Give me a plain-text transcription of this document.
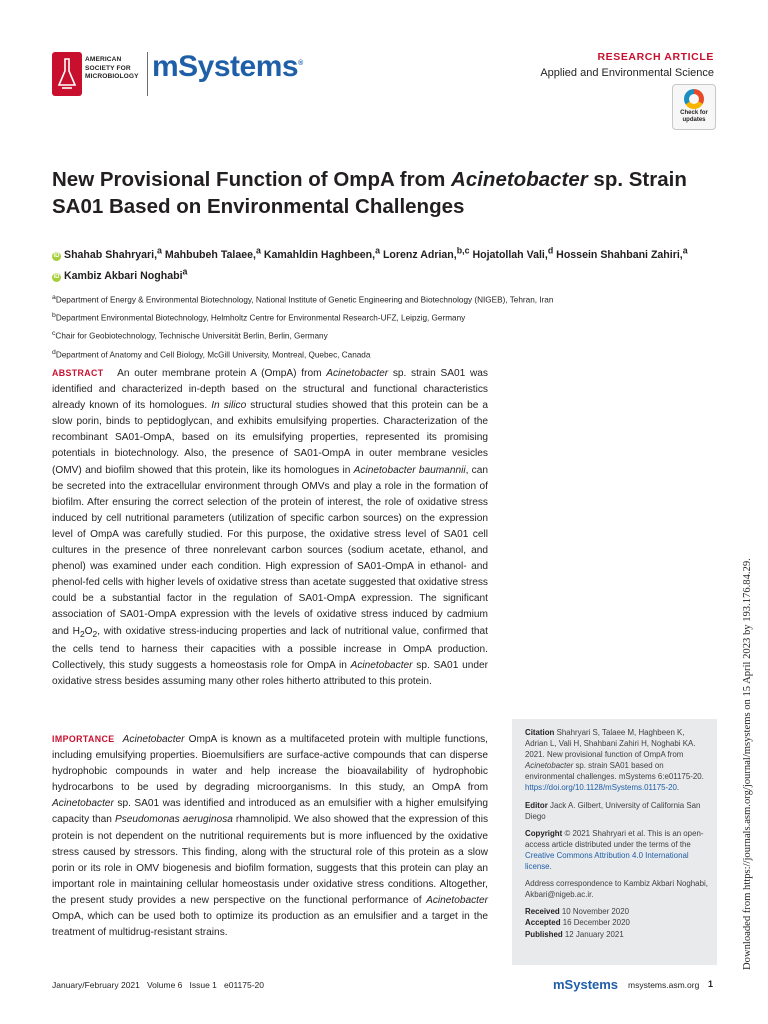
AMERICAN
SOCIETY FOR
MICROBIOLOGY mSystems®
RESEARCH ARTICLE
Applied and Environmental Science
Check for
updates
New Provisional Function of OmpA from Acinetobacter sp. Strain SA01 Based on Environmental Challenges
iD Shahab Shahryari,$^a$ Mahbubeh Talaee,$^a$ Kamahldin Haghbeen,$^a$ Lorenz Adrian,$^{b,c}$ Hojatollah Vali,$^d$ Hossein Shahbani Zahiri,$^a$
iD Kambiz Akbari Noghabi$^a$
$^a$Department of Energy & Environmental Biotechnology, National Institute of Genetic Engineering and Biotechnology (NIGEB), Tehran, Iran
$^b$Department Environmental Biotechnology, Helmholtz Centre for Environmental Research-UFZ, Leipzig, Germany
$^c$Chair for Geobiotechnology, Technische Universität Berlin, Berlin, Germany
$^d$Department of Anatomy and Cell Biology, McGill University, Montreal, Quebec, Canada
ABSTRACT An outer membrane protein A (OmpA) from Acinetobacter sp. strain SA01 was identified and characterized in-depth based on the structural and functional characteristics already known of its homologues. In silico structural studies showed that this protein can be a slow porin, binds to peptidoglycan, and exhibits emulsifying properties. Characterization of the recombinant SA01-OmpA, based on its emulsifying properties, represented its promising potentials in biotechnology. Also, the presence of SA01-OmpA in outer membrane vesicles (OMV) and biofilm showed that this protein, like its homologues in Acinetobacter baumannii, can be secreted into the extracellular environment through OMVs and play a role in the formation of biofilm. After ensuring the correct selection of the protein of interest, the role of oxidative stress induced by cell nutritional parameters (utilization of specific carbon sources) on the expression level of OmpA was carefully studied. For this purpose, the oxidative stress level of SA01 cell cultures in the presence of three nonrelevant carbon sources (sodium acetate, ethanol, and phenol) was examined under each condition. High expression of SA01-OmpA in ethanol- and phenol-fed cells with higher levels of oxidative stress than acetate suggested that oxidative stress could be a substantial factor in the regulation of SA01-OmpA expression. The significant association of SA01-OmpA expression with the levels of oxidative stress induced by cadmium and $H_2O_2$, with oxidative stress-inducing properties and lack of nutritional value, confirmed that the cells tend to harness their capacities with a possible increase in OmpA production. Collectively, this study suggests a homeostasis role for OmpA in Acinetobacter sp. SA01 under oxidative stress besides assuming many other roles hitherto attributed to this protein.
IMPORTANCE Acinetobacter OmpA is known as a multifaceted protein with multiple functions, including emulsifying properties. Bioemulsifiers are surface-active compounds that can disperse hydrophobic compounds in water and help increase the bioavailability of hydrophobic hydrocarbons to be used by degrading microorganisms. In this study, an OmpA from Acinetobacter sp. SA01 was identified and introduced as an emulsifier with a higher emulsifying capacity than Pseudomonas aeruginosa rhamnolipid. We also showed that the expression of this protein is not dependent on the nutritional requirements but is more influenced by the oxidative stress caused by stressors. This finding, along with the structural role of this protein as a slow porin or its role in OMV biogenesis and biofilm formation, suggests that this protein can play an important role in maintaining cellular homeostasis under oxidative stress conditions. Altogether, the present study provides a new perspective on the functional performance of Acinetobacter OmpA, which can be used both to optimize its production as an emulsifier and a target in the treatment of multidrug-resistant strains.
Citation Shahryari S, Talaee M, Haghbeen K, Adrian L, Vali H, Shahbani Zahiri H, Noghabi KA. 2021. New provisional function of OmpA from Acinetobacter sp. strain SA01 based on environmental challenges. mSystems 6:e01175-20. https://doi.org/10.1128/mSystems.01175-20.
Editor Jack A. Gilbert, University of California San Diego
Copyright © 2021 Shahryari et al. This is an open-access article distributed under the terms of the Creative Commons Attribution 4.0 International license.
Address correspondence to Kambiz Akbari Noghabi, Akbari@nigeb.ac.ir.
Received 10 November 2020
Accepted 16 December 2020
Published 12 January 2021
January/February 2021   Volume 6   Issue 1   e01175-20	mSystems msystems.asm.org 1
Downloaded from https://journals.asm.org/journal/msystems on 15 April 2023 by 193.176.84.29.
